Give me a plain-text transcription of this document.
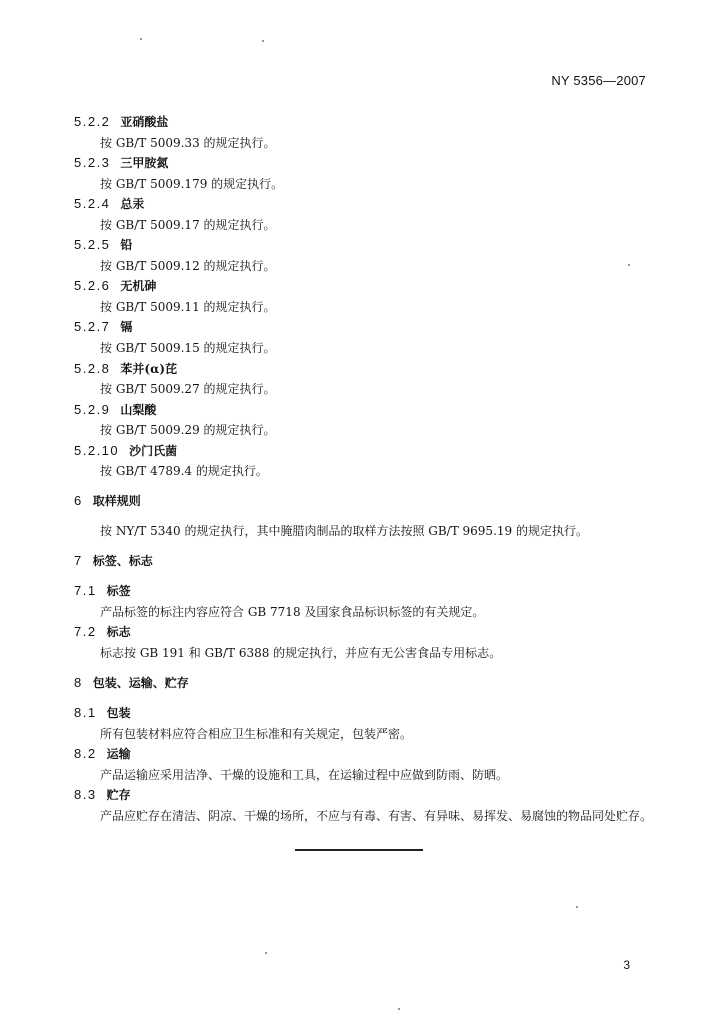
NY 5356—2007
5.2.2 亚硝酸盐
按 GB/T 5009.33 的规定执行。
5.2.3 三甲胺氮
按 GB/T 5009.179 的规定执行。
5.2.4 总汞
按 GB/T 5009.17 的规定执行。
5.2.5 铅
按 GB/T 5009.12 的规定执行。
5.2.6 无机砷
按 GB/T 5009.11 的规定执行。
5.2.7 镉
按 GB/T 5009.15 的规定执行。
5.2.8 苯并(α)芘
按 GB/T 5009.27 的规定执行。
5.2.9 山梨酸
按 GB/T 5009.29 的规定执行。
5.2.10 沙门氏菌
按 GB/T 4789.4 的规定执行。
6 取样规则
按 NY/T 5340 的规定执行，其中腌腊肉制品的取样方法按照 GB/T 9695.19 的规定执行。
7 标签、标志
7.1 标签
产品标签的标注内容应符合 GB 7718 及国家食品标识标签的有关规定。
7.2 标志
标志按 GB 191 和 GB/T 6388 的规定执行，并应有无公害食品专用标志。
8 包装、运输、贮存
8.1 包装
所有包装材料应符合相应卫生标准和有关规定，包装严密。
8.2 运输
产品运输应采用洁净、干燥的设施和工具，在运输过程中应做到防雨、防晒。
8.3 贮存
产品应贮存在清洁、阴凉、干燥的场所，不应与有毒、有害、有异味、易挥发、易腐蚀的物品同处贮存。
3
